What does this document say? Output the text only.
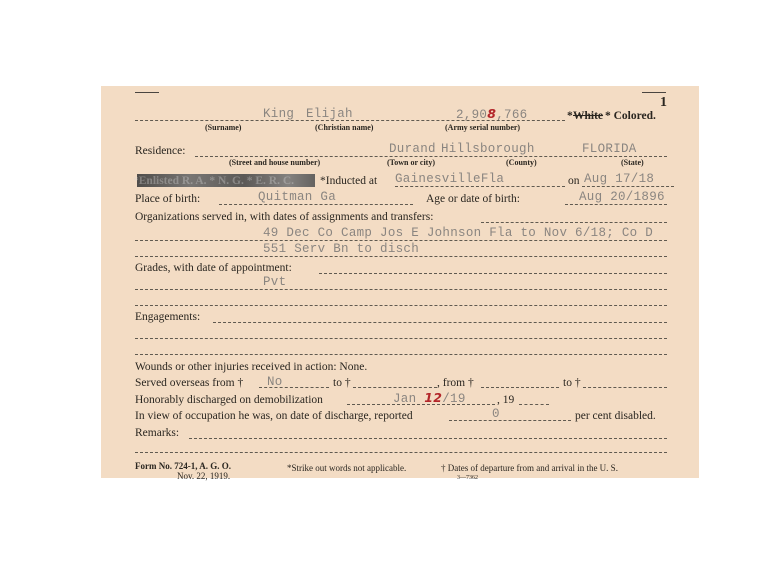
1
King Elijah	2,908,766	* White * Colored.
(Surname)	(Christian name)	(Army serial number)
Residence:	Durand Hillsborough	FLORIDA
(Street and house number)	(Town or city)	(County)	(State)
*Enlisted R. A. * N. G. * E. R. C. *Inducted at GainesvilleFla	on Aug 17/18
Place of birth:	Quitman Ga	Age or date of birth:	Aug 20/1896
Organizations served in, with dates of assignments and transfers:
49 Dec Co Camp Jos E Johnson Fla to Nov 6/18; Co D
551 Serv Bn to disch
Grades, with date of appointment:
Pvt
Engagements:
Wounds or other injuries received in action: None.
Served overseas from † No	to †	, from †	to †
Honorably discharged on demobilization	Jan 12/19	, 19
In view of occupation he was, on date of discharge, reported	0	per cent disabled.
Remarks:
Form No. 724-1, A. G. O.
Nov. 22, 1919.
*Strike out words not applicable.	† Dates of departure from and arrival in the U. S.
3—7362
